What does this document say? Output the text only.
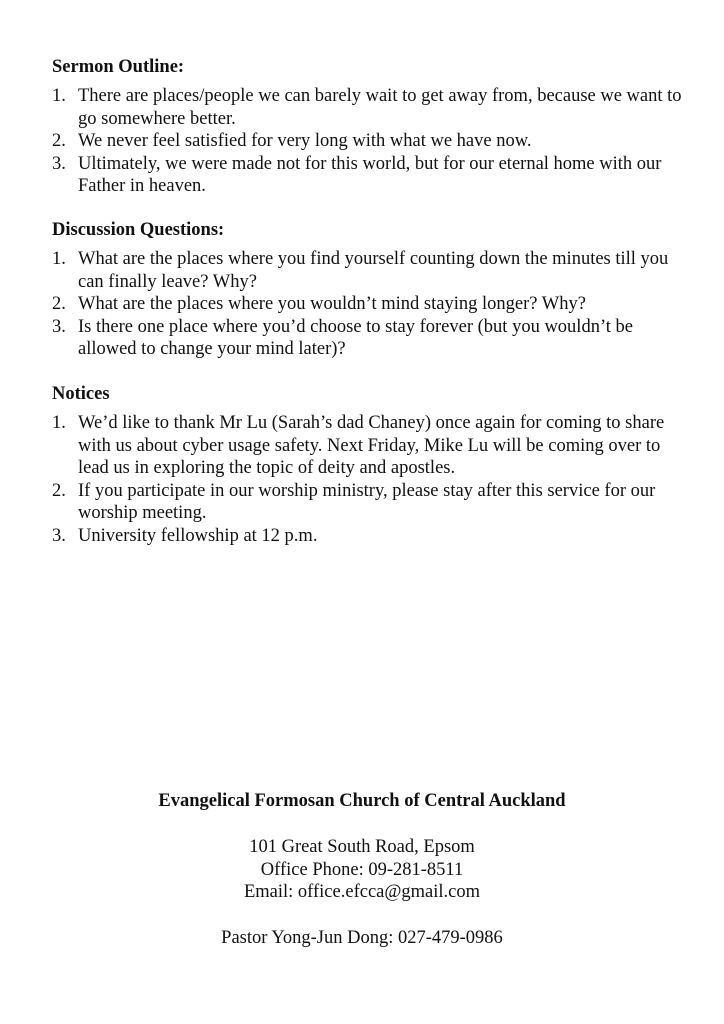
Sermon Outline:
1. There are places/people we can barely wait to get away from, because we want to go somewhere better.
2. We never feel satisfied for very long with what we have now.
3. Ultimately, we were made not for this world, but for our eternal home with our Father in heaven.
Discussion Questions:
1. What are the places where you find yourself counting down the minutes till you can finally leave? Why?
2. What are the places where you wouldn’t mind staying longer? Why?
3. Is there one place where you’d choose to stay forever (but you wouldn’t be allowed to change your mind later)?
Notices
1. We’d like to thank Mr Lu (Sarah’s dad Chaney) once again for coming to share with us about cyber usage safety. Next Friday, Mike Lu will be coming over to lead us in exploring the topic of deity and apostles.
2. If you participate in our worship ministry, please stay after this service for our worship meeting.
3. University fellowship at 12 p.m.
Evangelical Formosan Church of Central Auckland
101 Great South Road, Epsom
Office Phone: 09-281-8511
Email: office.efcca@gmail.com
Pastor Yong-Jun Dong: 027-479-0986
